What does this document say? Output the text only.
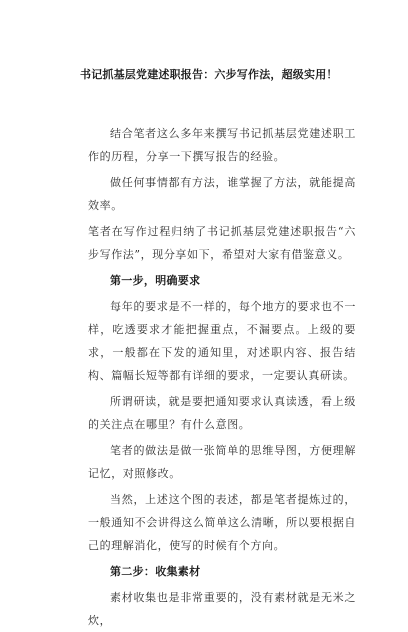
书记抓基层党建述职报告：六步写作法，超级实用！

结合笔者这么多年来撰写书记抓基层党建述职工作的历程，分享一下撰写报告的经验。

做任何事情都有方法，谁掌握了方法，就能提高效率。

笔者在写作过程归纳了书记抓基层党建述职报告“六步写作法”，现分享如下，希望对大家有借鉴意义。

第一步，明确要求

每年的要求是不一样的，每个地方的要求也不一样，吃透要求才能把握重点，不漏要点。上级的要求，一般都在下发的通知里，对述职内容、报告结构、篇幅长短等都有详细的要求，一定要认真研读。

所谓研读，就是要把通知要求认真读透，看上级的关注点在哪里？有什么意图。

笔者的做法是做一张简单的思维导图，方便理解记忆，对照修改。

当然，上述这个图的表述，都是笔者提炼过的，一般通知不会讲得这么简单这么清晰，所以要根据自己的理解消化，使写的时候有个方向。

第二步：收集素材

素材收集也是非常重要的，没有素材就是无米之炊，
